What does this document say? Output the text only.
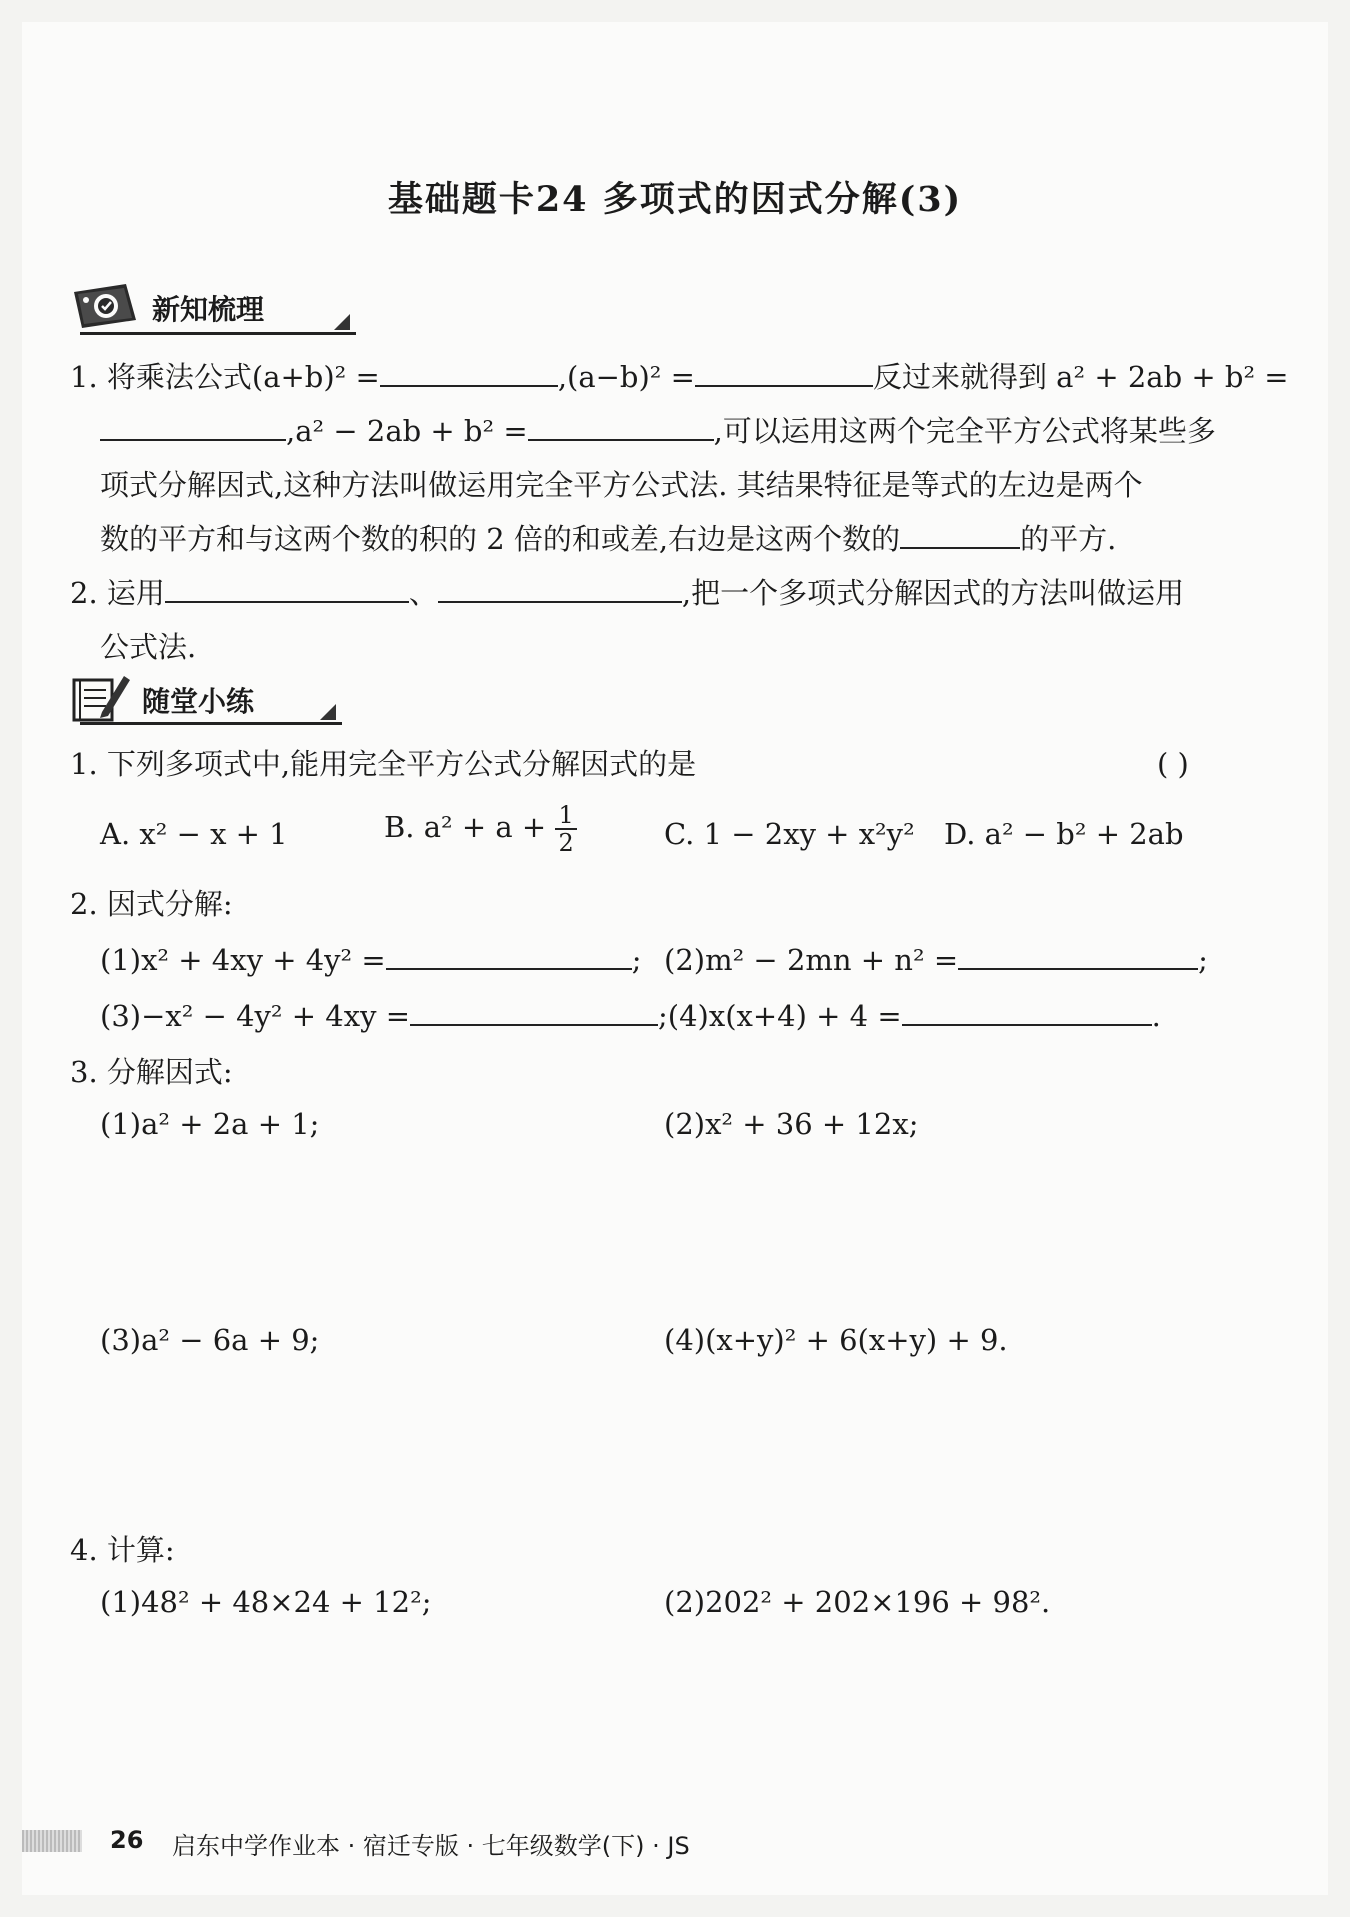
基础题卡24 多项式的因式分解(3)
新知梳理
1. 将乘法公式(a+b)² =	,(a−b)² =	反过来就得到 a² + 2ab + b² =
,a² − 2ab + b² =	,可以运用这两个完全平方公式将某些多
项式分解因式,这种方法叫做运用完全平方公式法. 其结果特征是等式的左边是两个
数的平方和与这两个数的积的 2 倍的和或差,右边是这两个数的	的平方.
2. 运用	、	,把一个多项式分解因式的方法叫做运用
公式法.
随堂小练
1. 下列多项式中,能用完全平方公式分解因式的是	( )
A. x² − x + 1	B. $a^2 + a + \frac{1}{2}$	C. 1 − 2xy + x²y² D. a² − b² + 2ab
2. 因式分解:
(1)x² + 4xy + 4y² =	; (2)m² − 2mn + n² =	;
(3)−x² − 4y² + 4xy =	;(4)x(x+4) + 4 =	.
3. 分解因式:
(1)a² + 2a + 1;	(2)x² + 36 + 12x;
(3)a² − 6a + 9;	(4)(x+y)² + 6(x+y) + 9.
4. 计算:
(1)48² + 48×24 + 12²;	(2)202² + 202×196 + 98².
26 启东中学作业本 · 宿迁专版 · 七年级数学(下) · JS
